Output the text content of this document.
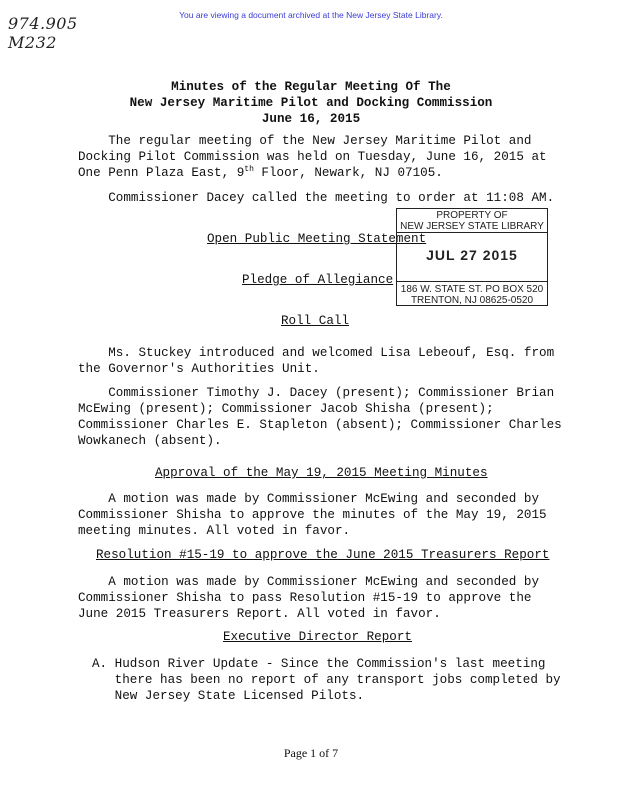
You are viewing a document archived at the New Jersey State Library.
974.905
M232
Minutes of the Regular Meeting Of The
New Jersey Maritime Pilot and Docking Commission
June 16, 2015
The regular meeting of the New Jersey Maritime Pilot and
Docking Pilot Commission was held on Tuesday, June 16, 2015 at
One Penn Plaza East, 9th Floor, Newark, NJ 07105.
Commissioner Dacey called the meeting to order at 11:08 AM.
Open Public Meeting Statement
PROPERTY OF
NEW JERSEY STATE LIBRARY
JUL 27 2015
186 W. STATE ST. PO BOX 520
TRENTON, NJ 08625-0520
Pledge of Allegiance
Roll Call
Ms. Stuckey introduced and welcomed Lisa Lebeouf, Esq. from
the Governor's Authorities Unit.
Commissioner Timothy J. Dacey (present); Commissioner Brian
McEwing (present); Commissioner Jacob Shisha (present);
Commissioner Charles E. Stapleton (absent); Commissioner Charles
Wowkanech (absent).
Approval of the May 19, 2015 Meeting Minutes
A motion was made by Commissioner McEwing and seconded by
Commissioner Shisha to approve the minutes of the May 19, 2015
meeting minutes. All voted in favor.
Resolution #15-19 to approve the June 2015 Treasurers Report
A motion was made by Commissioner McEwing and seconded by
Commissioner Shisha to pass Resolution #15-19 to approve the
June 2015 Treasurers Report. All voted in favor.
Executive Director Report
A. Hudson River Update - Since the Commission's last meeting
there has been no report of any transport jobs completed by
New Jersey State Licensed Pilots.
Page 1 of 7
